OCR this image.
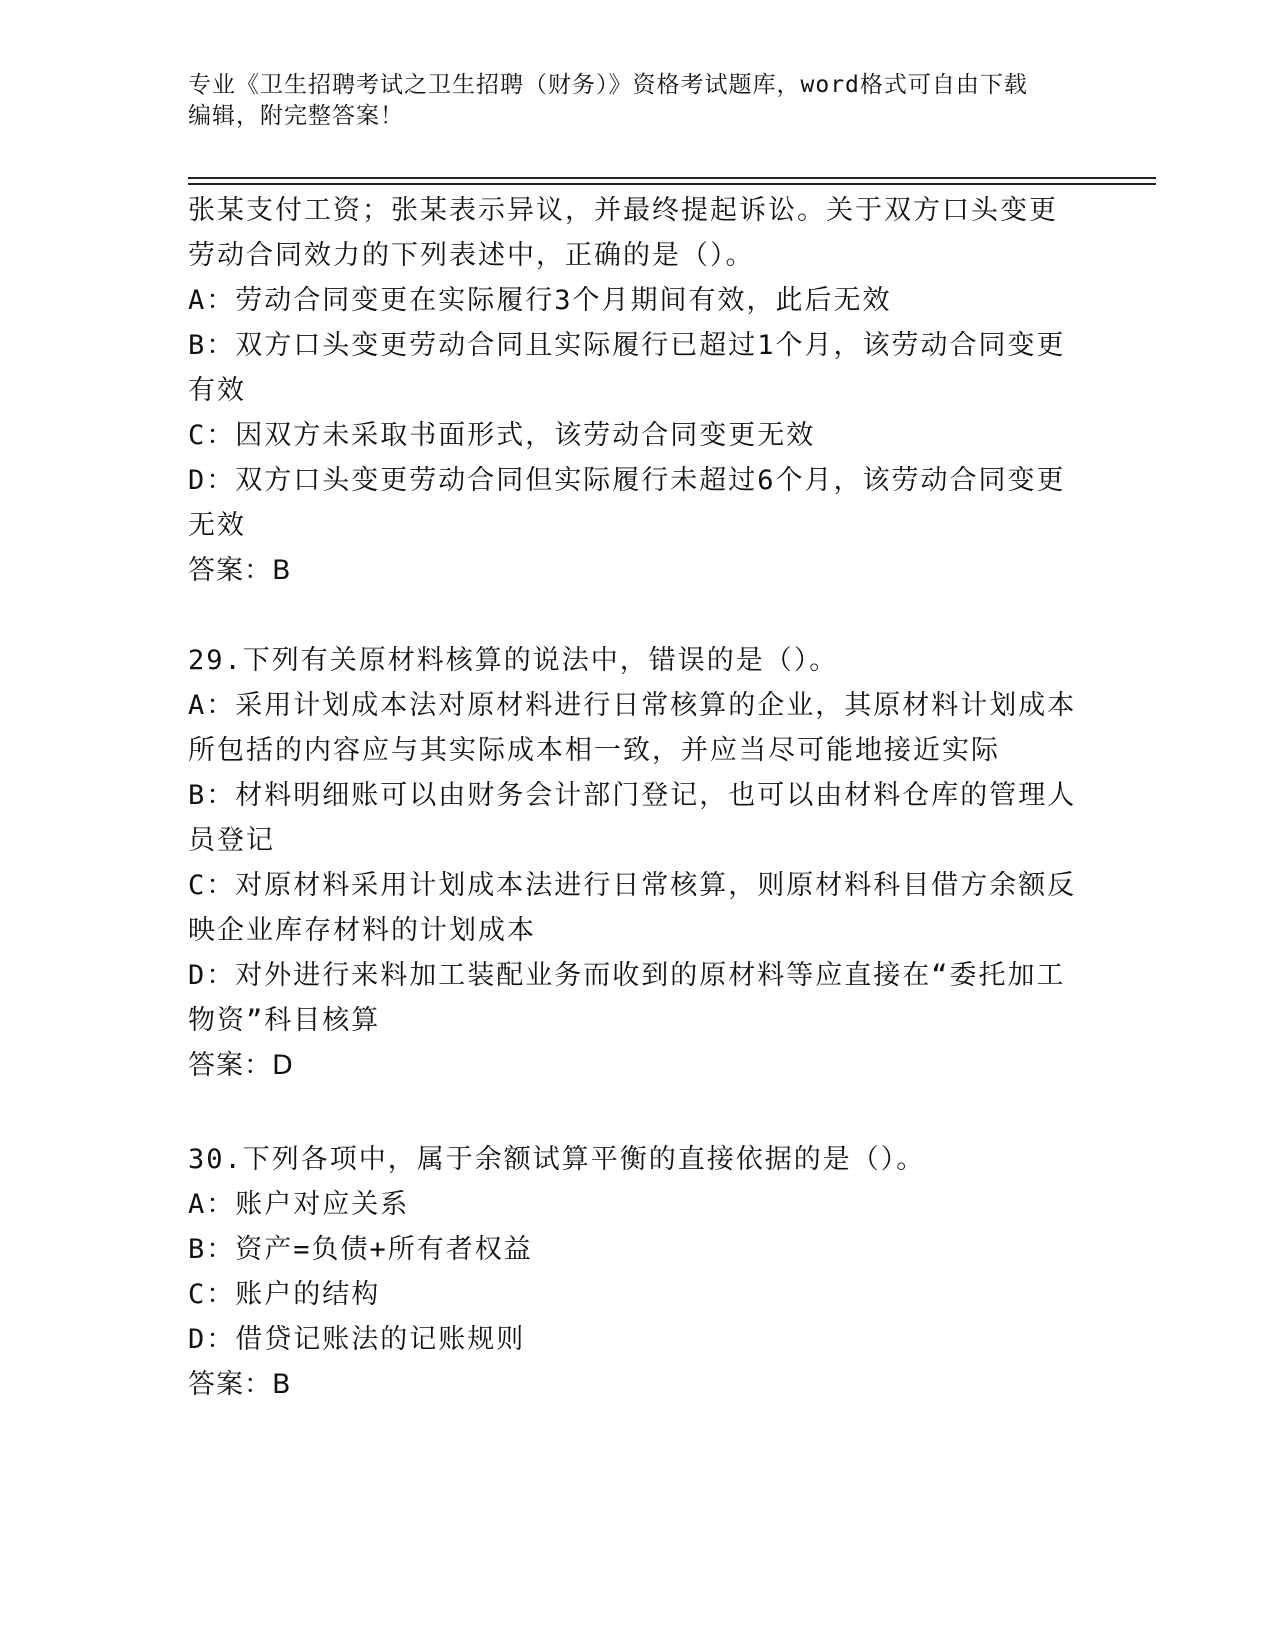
专业《卫生招聘考试之卫生招聘（财务）》资格考试题库，word格式可自由下载
编辑，附完整答案！
张某支付工资；张某表示异议，并最终提起诉讼。关于双方口头变更
劳动合同效力的下列表述中，正确的是（）。
A：劳动合同变更在实际履行3个月期间有效，此后无效
B：双方口头变更劳动合同且实际履行已超过1个月，该劳动合同变更
有效
C：因双方未采取书面形式，该劳动合同变更无效
D：双方口头变更劳动合同但实际履行未超过6个月，该劳动合同变更
无效
答案：B
29.下列有关原材料核算的说法中，错误的是（）。
A：采用计划成本法对原材料进行日常核算的企业，其原材料计划成本
所包括的内容应与其实际成本相一致，并应当尽可能地接近实际
B：材料明细账可以由财务会计部门登记，也可以由材料仓库的管理人
员登记
C：对原材料采用计划成本法进行日常核算，则原材料科目借方余额反
映企业库存材料的计划成本
D：对外进行来料加工装配业务而收到的原材料等应直接在“委托加工
物资”科目核算
答案：D
30.下列各项中，属于余额试算平衡的直接依据的是（）。
A：账户对应关系
B：资产=负债+所有者权益
C：账户的结构
D：借贷记账法的记账规则
答案：B
